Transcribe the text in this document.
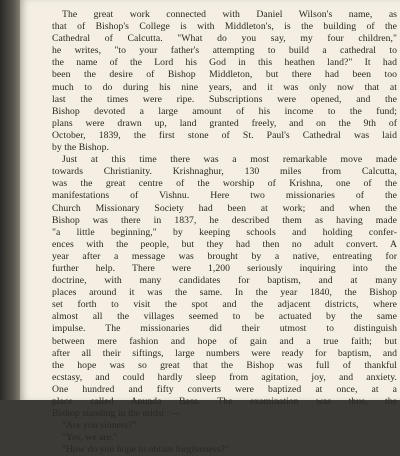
The great work connected with Daniel Wilson's name, as
that of Bishop's College is with Middleton's, is the building of the
Cathedral of Calcutta. "What do you say, my four children,"
he writes, "to your father's attempting to build a cathedral to
the name of the Lord his God in this heathen land?" It had
been the desire of Bishop Middleton, but there had been too
much to do during his nine years, and it was only now that at
last the times were ripe. Subscriptions were opened, and the
Bishop devoted a large amount of his income to the fund;
plans were drawn up, land granted freely, and on the 9th of
October, 1839, the first stone of St. Paul's Cathedral was laid
by the Bishop.
Just at this time there was a most remarkable move made
towards Christianity. Krishnaghur, 130 miles from Calcutta,
was the great centre of the worship of Krishna, one of the
manifestations of Vishnu. Here two missionaries of the
Church Missionary Society had been at work; and when the
Bishop was there in 1837, he described them as having made
"a little beginning," by keeping schools and holding confer-
ences with the people, but they had then no adult convert. A
year after a message was brought by a native, entreating for
further help. There were 1,200 seriously inquiring into the
doctrine, with many candidates for baptism, and at many
places around it was the same. In the year 1840, the Bishop
set forth to visit the spot and the adjacent districts, where
almost all the villages seemed to be actuated by the same
impulse. The missionaries did their utmost to distinguish
between mere fashion and hope of gain and a true faith; but
after all their siftings, large numbers were ready for baptism, and
the hope was so great that the Bishop was full of thankful
ecstasy, and could hardly sleep from agitation, joy, and anxiety.
One hundred and fifty converts were baptized at once, at a
place called Anunda Bass. The examination was thus, the
Bishop standing in the midst :—
"Are you sinners?"
"Yes, we are."
"How do you hope to obtain forgiveness?"
